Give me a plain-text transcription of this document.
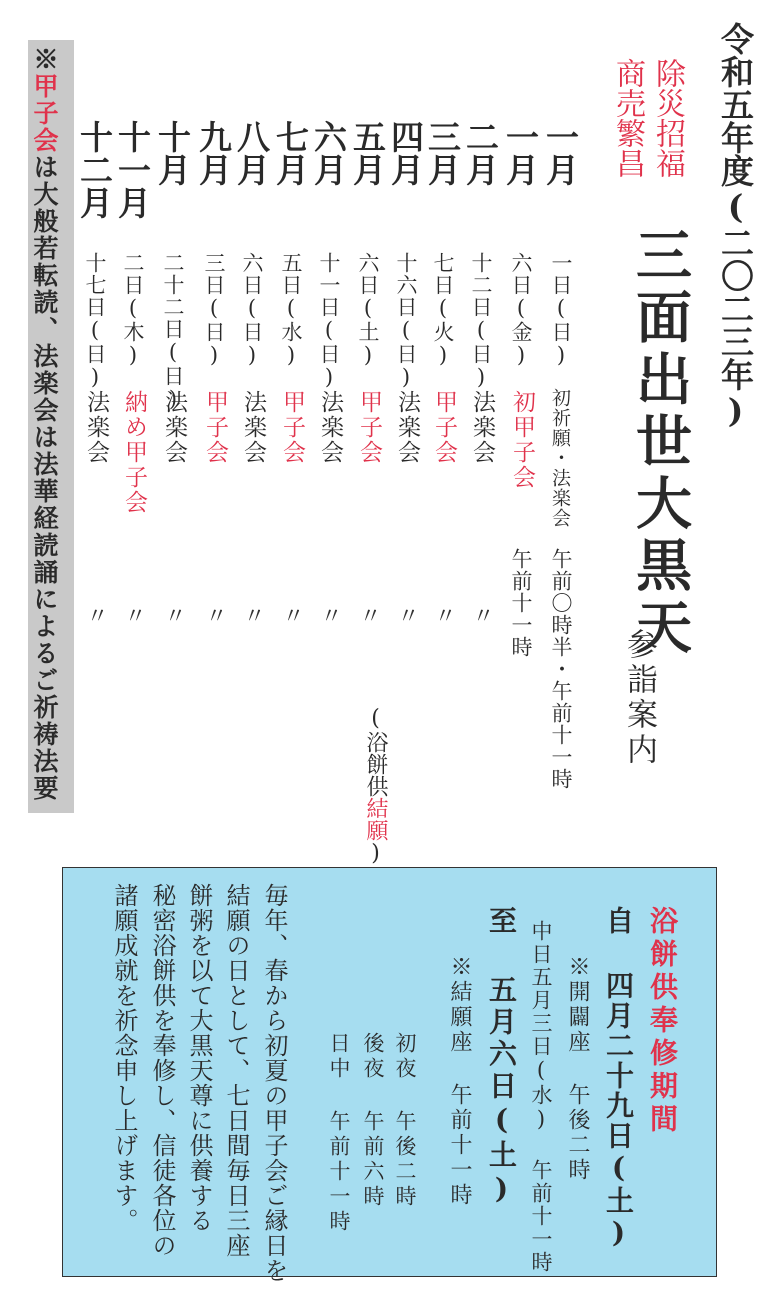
令和五年度(二〇二三年)
除災招福
商売繁昌
三面出世大黒天
参詣案内
一月
一日(日)
初祈願・法楽会
午前〇時半・午前十一時
一月
六日(金)
初甲子会
午前十一時
二月
十二日(日)
法楽会
〃
三月
七日(火)
甲子会
〃
四月
十六日(日)
法楽会
〃
五月
六日(土)
甲子会
〃
六月
十一日(日)
法楽会
〃
七月
五日(水)
甲子会
〃
八月
六日(日)
法楽会
〃
九月
三日(日)
甲子会
〃
十月
二十二日(日)
法楽会
〃
十一月
二日(木)
納め甲子会
〃
十二月
十七日(日)
法楽会
〃
(浴餅供結願)
※甲子会は大般若転読、法楽会は法華経読誦によるご祈祷法要
浴餅供奉修期間
自 四月二十九日(土)
※開闢座 午後二時
中日五月三日(水) 午前十一時
至 五月六日(土)
※結願座 午前十一時
初夜 午後二時
後夜 午前六時
日中 午前十一時
毎年、春から初夏の甲子会ご縁日を
結願の日として、七日間毎日三座
餅粥を以て大黒天尊に供養する
秘密浴餅供を奉修し、信徒各位の
諸願成就を祈念申し上げます。
